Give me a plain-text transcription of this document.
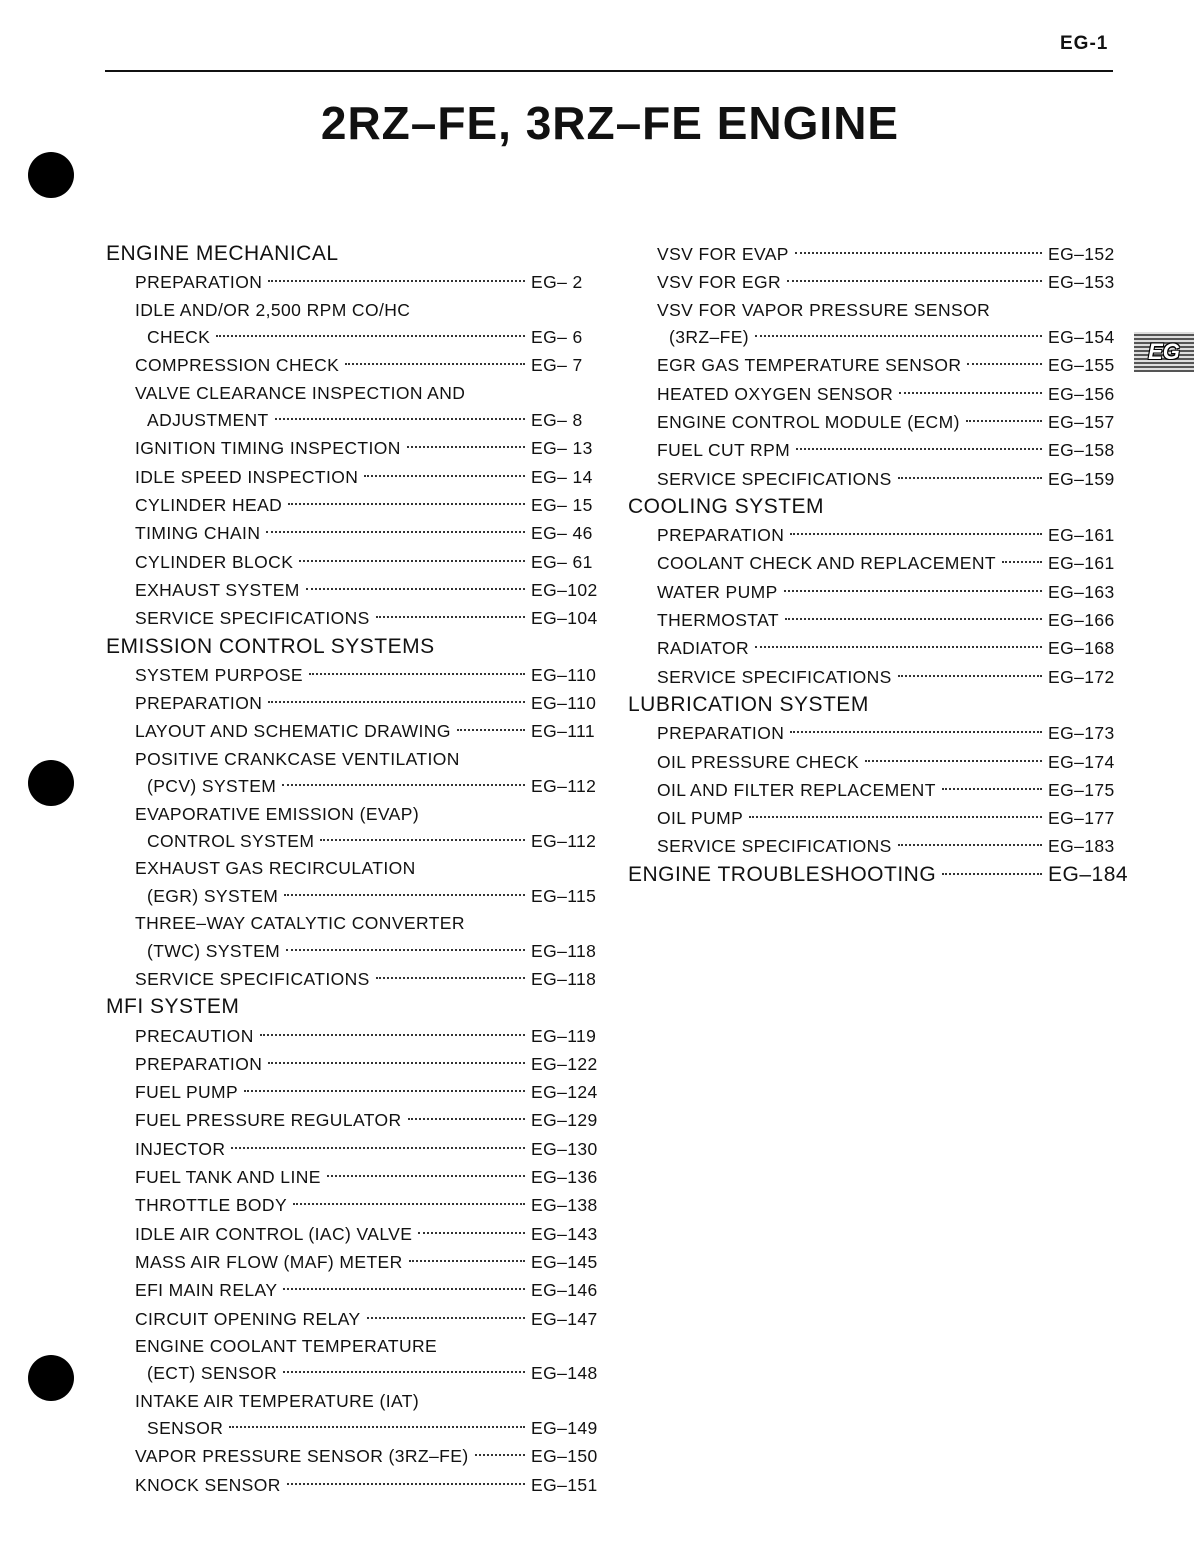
EG-1
2RZ–FE, 3RZ–FE ENGINE
EG
ENGINE MECHANICAL
PREPARATION	EG– 2
IDLE AND/OR 2,500 RPM CO/HC
CHECK	EG– 6
COMPRESSION CHECK	EG– 7
VALVE CLEARANCE INSPECTION AND
ADJUSTMENT	EG– 8
IGNITION TIMING INSPECTION	EG– 13
IDLE SPEED INSPECTION	EG– 14
CYLINDER HEAD	EG– 15
TIMING CHAIN	EG– 46
CYLINDER BLOCK	EG– 61
EXHAUST SYSTEM	EG–102
SERVICE SPECIFICATIONS	EG–104
EMISSION CONTROL SYSTEMS
SYSTEM PURPOSE	EG–110
PREPARATION	EG–110
LAYOUT AND SCHEMATIC DRAWING	EG–111
POSITIVE CRANKCASE VENTILATION
(PCV) SYSTEM	EG–112
EVAPORATIVE EMISSION (EVAP)
CONTROL SYSTEM	EG–112
EXHAUST GAS RECIRCULATION
(EGR) SYSTEM	EG–115
THREE–WAY CATALYTIC CONVERTER
(TWC) SYSTEM	EG–118
SERVICE SPECIFICATIONS	EG–118
MFI SYSTEM
PRECAUTION	EG–119
PREPARATION	EG–122
FUEL PUMP	EG–124
FUEL PRESSURE REGULATOR	EG–129
INJECTOR	EG–130
FUEL TANK AND LINE	EG–136
THROTTLE BODY	EG–138
IDLE AIR CONTROL (IAC) VALVE	EG–143
MASS AIR FLOW (MAF) METER	EG–145
EFI MAIN RELAY	EG–146
CIRCUIT OPENING RELAY	EG–147
ENGINE COOLANT TEMPERATURE
(ECT) SENSOR	EG–148
INTAKE AIR TEMPERATURE (IAT)
SENSOR	EG–149
VAPOR PRESSURE SENSOR (3RZ–FE)	EG–150
KNOCK SENSOR	EG–151
VSV FOR EVAP	EG–152
VSV FOR EGR	EG–153
VSV FOR VAPOR PRESSURE SENSOR
(3RZ–FE)	EG–154
EGR GAS TEMPERATURE SENSOR	EG–155
HEATED OXYGEN SENSOR	EG–156
ENGINE CONTROL MODULE (ECM)	EG–157
FUEL CUT RPM	EG–158
SERVICE SPECIFICATIONS	EG–159
COOLING SYSTEM
PREPARATION	EG–161
COOLANT CHECK AND REPLACEMENT	EG–161
WATER PUMP	EG–163
THERMOSTAT	EG–166
RADIATOR	EG–168
SERVICE SPECIFICATIONS	EG–172
LUBRICATION SYSTEM
PREPARATION	EG–173
OIL PRESSURE CHECK	EG–174
OIL AND FILTER REPLACEMENT	EG–175
OIL PUMP	EG–177
SERVICE SPECIFICATIONS	EG–183
ENGINE TROUBLESHOOTING	EG–184
